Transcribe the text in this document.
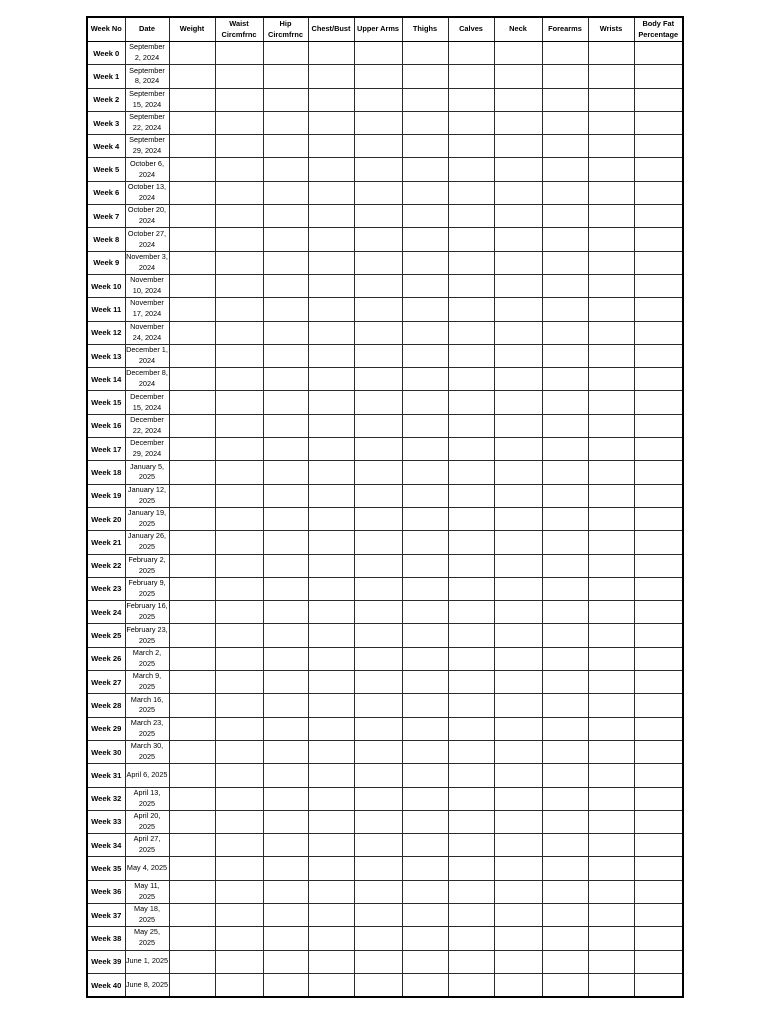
Week No	Date	Weight	Waist Circmfrnc	Hip Circmfrnc	Chest/Bust	Upper Arms	Thighs	Calves	Neck	Forearms	Wrists	Body Fat Percentage
Week 0	September 2, 2024											
Week 1	September 8, 2024											
Week 2	September 15, 2024											
Week 3	September 22, 2024											
Week 4	September 29, 2024											
Week 5	October 6, 2024											
Week 6	October 13, 2024											
Week 7	October 20, 2024											
Week 8	October 27, 2024											
Week 9	November 3, 2024											
Week 10	November 10, 2024											
Week 11	November 17, 2024											
Week 12	November 24, 2024											
Week 13	December 1, 2024											
Week 14	December 8, 2024											
Week 15	December 15, 2024											
Week 16	December 22, 2024											
Week 17	December 29, 2024											
Week 18	January 5, 2025											
Week 19	January 12, 2025											
Week 20	January 19, 2025											
Week 21	January 26, 2025											
Week 22	February 2, 2025											
Week 23	February 9, 2025											
Week 24	February 16, 2025											
Week 25	February 23, 2025											
Week 26	March 2, 2025											
Week 27	March 9, 2025											
Week 28	March 16, 2025											
Week 29	March 23, 2025											
Week 30	March 30, 2025											
Week 31	April 6, 2025											
Week 32	April 13, 2025											
Week 33	April 20, 2025											
Week 34	April 27, 2025											
Week 35	May 4, 2025											
Week 36	May 11, 2025											
Week 37	May 18, 2025											
Week 38	May 25, 2025											
Week 39	June 1, 2025											
Week 40	June 8, 2025											
